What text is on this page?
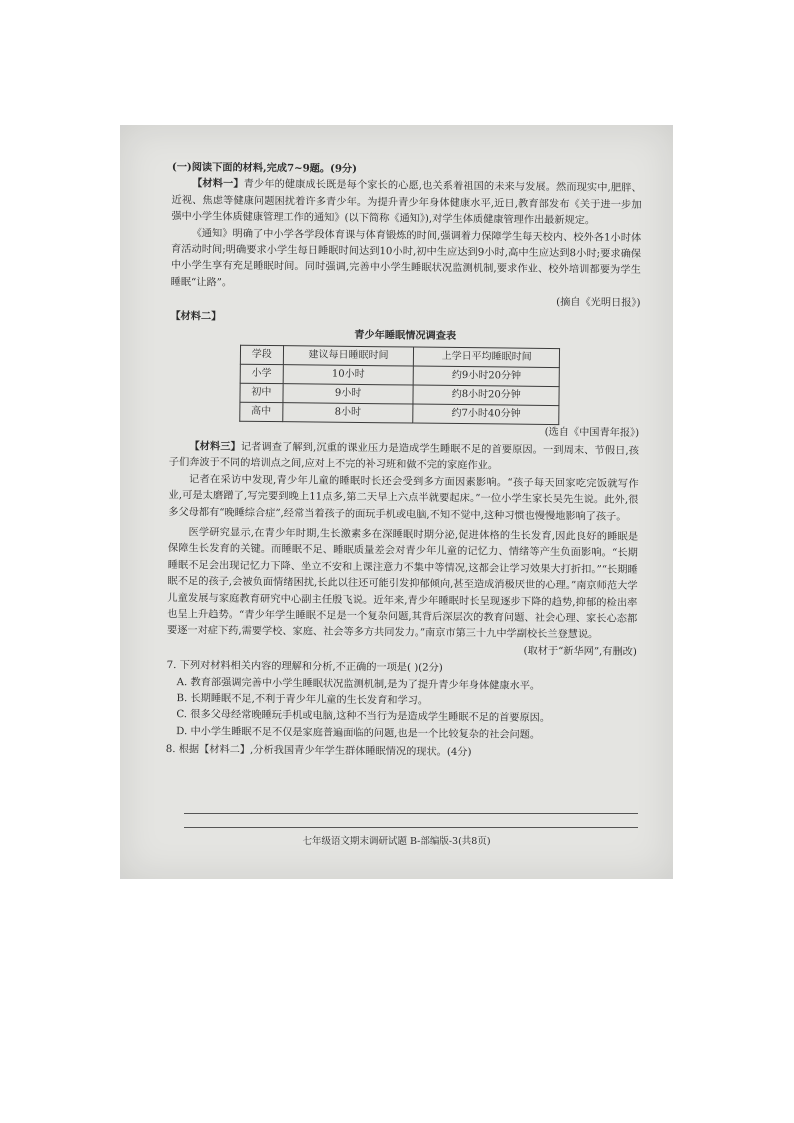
(一)阅读下面的材料,完成7~9题。(9分)

【材料一】青少年的健康成长既是每个家长的心愿,也关系着祖国的未来与发展。然而现实中,肥胖、近视、焦虑等健康问题困扰着许多青少年。为提升青少年身体健康水平,近日,教育部发布《关于进一步加强中小学生体质健康管理工作的通知》(以下简称《通知》),对学生体质健康管理作出最新规定。

《通知》明确了中小学各学段体育课与体育锻炼的时间,强调着力保障学生每天校内、校外各1小时体育活动时间;明确要求小学生每日睡眠时间达到10小时,初中生应达到9小时,高中生应达到8小时;要求确保中小学生享有充足睡眠时间。同时强调,完善中小学生睡眠状况监测机制,要求作业、校外培训都要为学生睡眠“让路”。

(摘自《光明日报》)

【材料二】

青少年睡眠情况调查表
学段	建议每日睡眠时间	上学日平均睡眠时间
小学	10小时	约9小时20分钟
初中	9小时	约8小时20分钟
高中	8小时	约7小时40分钟

(选自《中国青年报》)

【材料三】记者调查了解到,沉重的课业压力是造成学生睡眠不足的首要原因。一到周末、节假日,孩子们奔波于不同的培训点之间,应对上不完的补习班和做不完的家庭作业。

记者在采访中发现,青少年儿童的睡眠时长还会受到多方面因素影响。“孩子每天回家吃完饭就写作业,可是太磨蹭了,写完要到晚上11点多,第二天早上六点半就要起床。”一位小学生家长吴先生说。此外,很多父母都有“晚睡综合症”,经常当着孩子的面玩手机或电脑,不知不觉中,这种习惯也慢慢地影响了孩子。

医学研究显示,在青少年时期,生长激素多在深睡眠时期分泌,促进体格的生长发育,因此良好的睡眠是保障生长发育的关键。而睡眠不足、睡眠质量差会对青少年儿童的记忆力、情绪等产生负面影响。“长期睡眠不足会出现记忆力下降、坐立不安和上课注意力不集中等情况,这都会让学习效果大打折扣。”“长期睡眠不足的孩子,会被负面情绪困扰,长此以往还可能引发抑郁倾向,甚至造成消极厌世的心理。”南京师范大学儿童发展与家庭教育研究中心副主任殷飞说。近年来,青少年睡眠时长呈现逐步下降的趋势,抑郁的检出率也呈上升趋势。“青少年学生睡眠不足是一个复杂问题,其背后深层次的教育问题、社会心理、家长心态都要逐一对症下药,需要学校、家庭、社会等多方共同发力。”南京市第三十九中学副校长兰登慧说。

(取材于“新华网”,有删改)

7. 下列对材料相关内容的理解和分析,不正确的一项是( )(2分)

A. 教育部强调完善中小学生睡眠状况监测机制,是为了提升青少年身体健康水平。

B. 长期睡眠不足,不利于青少年儿童的生长发育和学习。

C. 很多父母经常晚睡玩手机或电脑,这种不当行为是造成学生睡眠不足的首要原因。

D. 中小学生睡眠不足不仅是家庭普遍面临的问题,也是一个比较复杂的社会问题。

8. 根据【材料二】,分析我国青少年学生群体睡眠情况的现状。(4分)

七年级语文期末调研试题 B-部编版-3(共8页)
